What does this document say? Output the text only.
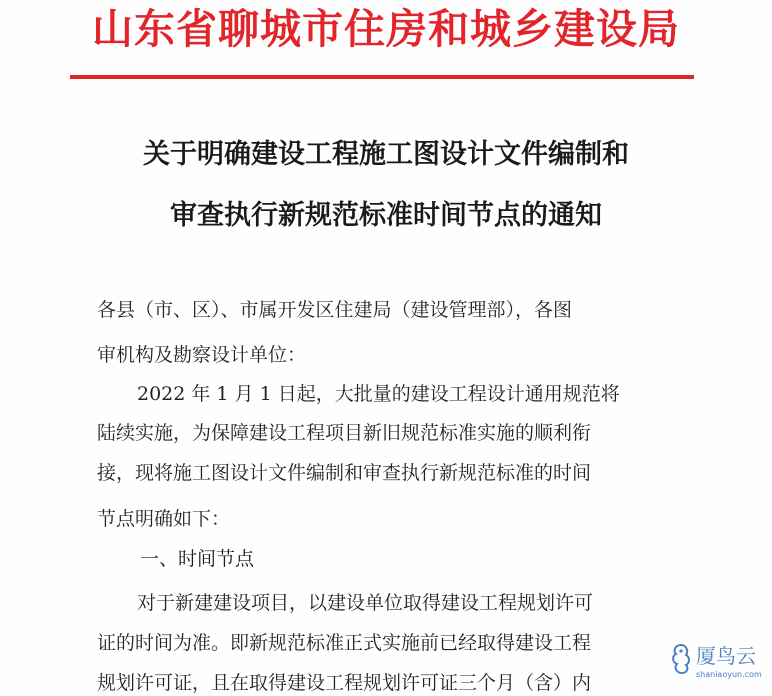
山东省聊城市住房和城乡建设局
关于明确建设工程施工图设计文件编制和
审查执行新规范标准时间节点的通知
各县（市、区）、市属开发区住建局（建设管理部），各图
审机构及勘察设计单位：
2022 年 1 月 1 日起，大批量的建设工程设计通用规范将
陆续实施，为保障建设工程项目新旧规范标准实施的顺利衔
接，现将施工图设计文件编制和审查执行新规范标准的时间
节点明确如下：
一、时间节点
对于新建建设项目，以建设单位取得建设工程规划许可
证的时间为准。即新规范标准正式实施前已经取得建设工程
规划许可证，且在取得建设工程规划许可证三个月（含）内
厦鸟云
shaniaoyun.com
